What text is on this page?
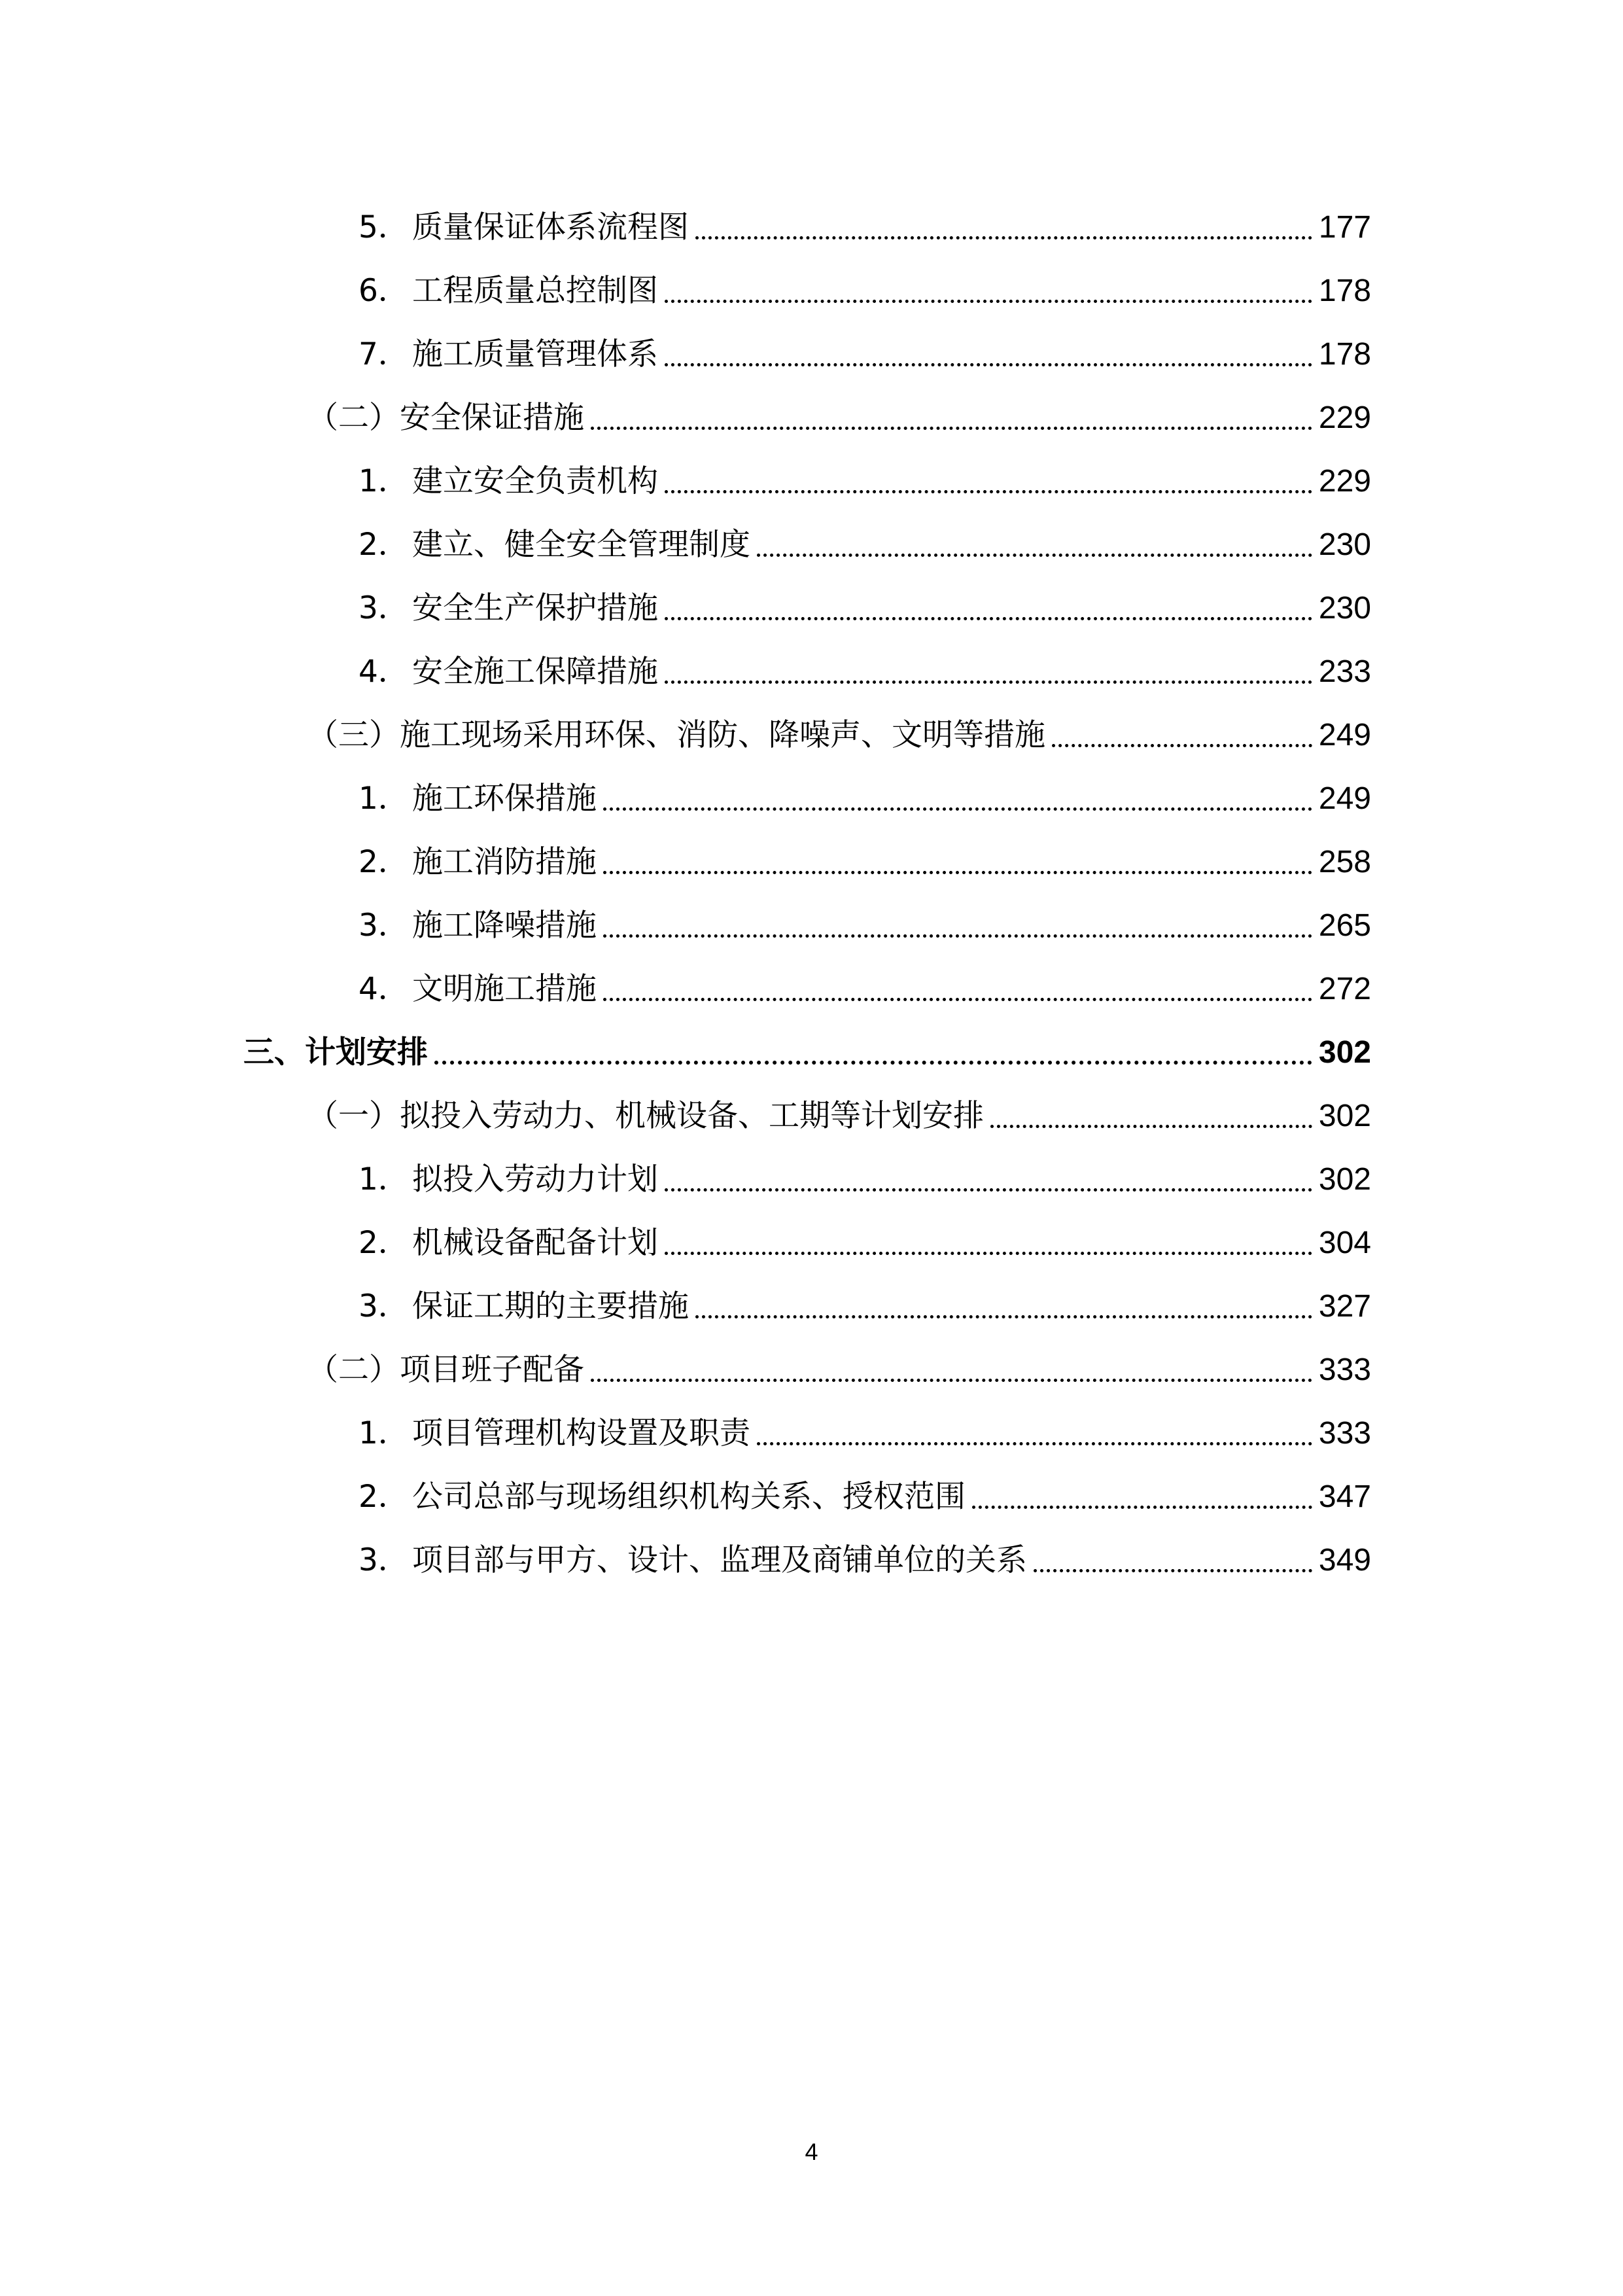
5． 质量保证体系流程图	177
6． 工程质量总控制图	178
7． 施工质量管理体系	178
（二）安全保证措施	229
1． 建立安全负责机构	229
2． 建立、健全安全管理制度	230
3． 安全生产保护措施	230
4． 安全施工保障措施	233
（三）施工现场采用环保、消防、降噪声、文明等措施	249
1． 施工环保措施	249
2． 施工消防措施	258
3． 施工降噪措施	265
4． 文明施工措施	272
三、计划安排	302
（一）拟投入劳动力、机械设备、工期等计划安排	302
1． 拟投入劳动力计划	302
2． 机械设备配备计划	304
3． 保证工期的主要措施	327
（二）项目班子配备	333
1． 项目管理机构设置及职责	333
2． 公司总部与现场组织机构关系、授权范围	347
3． 项目部与甲方、设计、监理及商铺单位的关系	349
4
